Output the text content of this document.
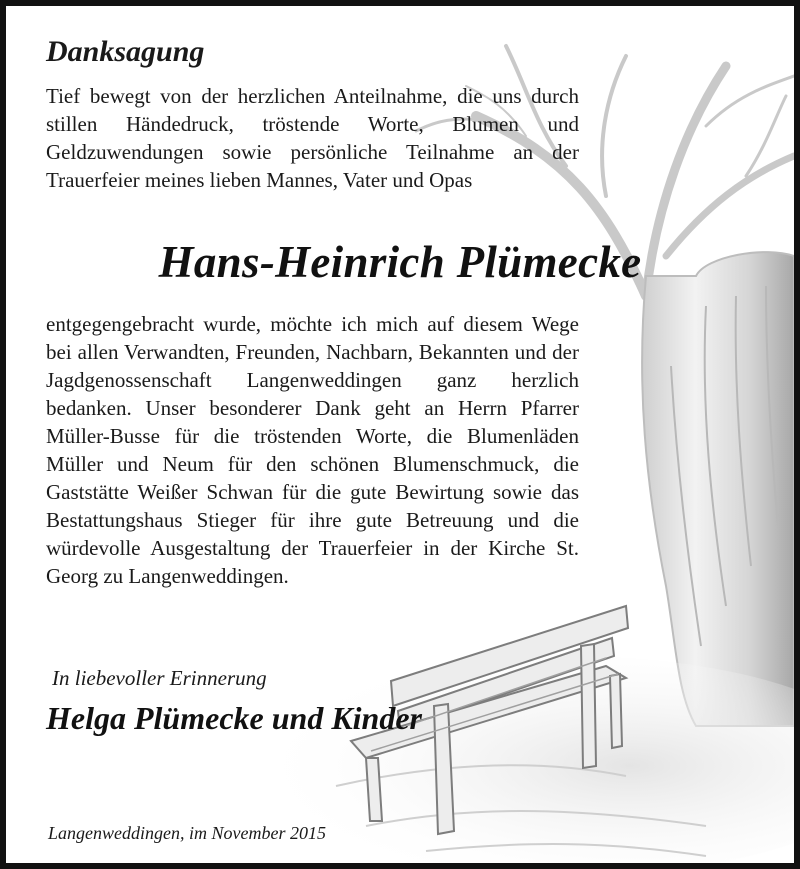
Danksagung

Tief bewegt von der herzlichen Anteilnahme, die uns durch stillen Händedruck, tröstende Worte, Blumen und Geldzuwendungen sowie persönliche Teilnahme an der Trauerfeier meines lieben Mannes, Vater und Opas

Hans-Heinrich Plümecke

entgegengebracht wurde, möchte ich mich auf diesem Wege bei allen Verwandten, Freunden, Nachbarn, Bekannten und der Jagdgenossenschaft Langenweddingen ganz herzlich bedanken. Unser besonderer Dank geht an Herrn Pfarrer Müller-Busse für die tröstenden Worte, die Blumenläden Müller und Neum für den schönen Blumenschmuck, die Gaststätte Weißer Schwan für die gute Bewirtung sowie das Bestattungshaus Stieger für ihre gute Betreuung und die würdevolle Ausgestaltung der Trauerfeier in der Kirche St. Georg zu Langenweddingen.

In liebevoller Erinnerung
Helga Plümecke und Kinder
Langenweddingen, im November 2015
